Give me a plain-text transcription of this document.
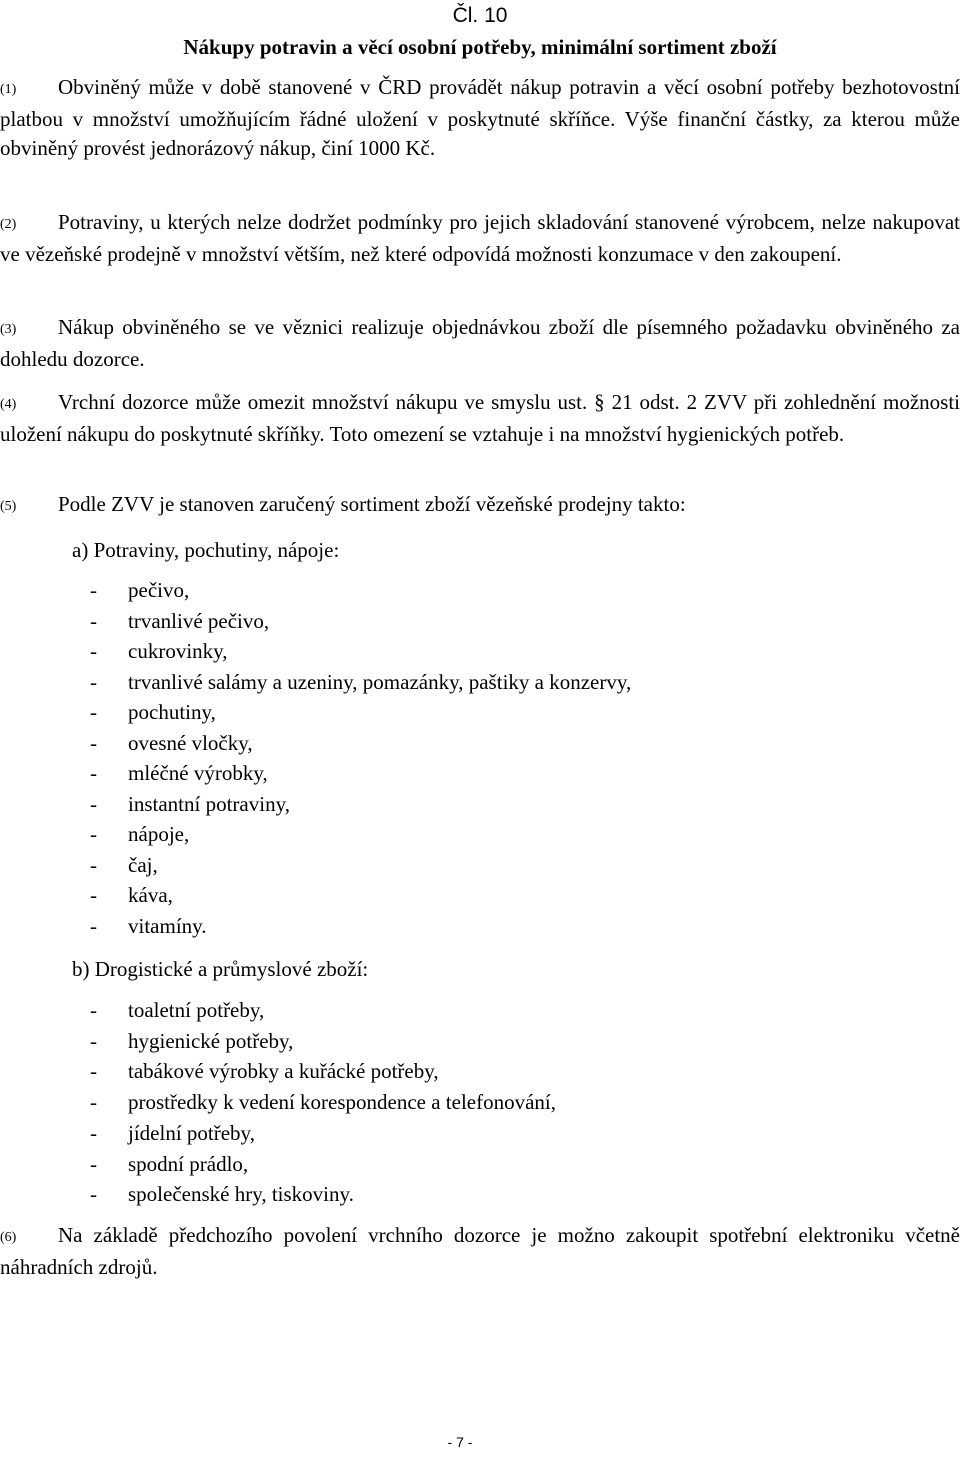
Čl. 10
Nákupy potravin a věcí osobní potřeby, minimální sortiment zboží
(1) Obviněný může v době stanovené v ČRD provádět nákup potravin a věcí osobní potřeby bezhotovostní platbou v množství umožňujícím řádné uložení v poskytnuté skříňce. Výše finanční částky, za kterou může obviněný provést jednorázový nákup, činí 1000 Kč.
(2) Potraviny, u kterých nelze dodržet podmínky pro jejich skladování stanovené výrobcem, nelze nakupovat ve vězeňské prodejně v množství větším, než které odpovídá možnosti konzumace v den zakoupení.
(3) Nákup obviněného se ve věznici realizuje objednávkou zboží dle písemného požadavku obviněného za dohledu dozorce.
(4) Vrchní dozorce může omezit množství nákupu ve smyslu ust. § 21 odst. 2 ZVV při zohlednění možnosti uložení nákupu do poskytnuté skříňky. Toto omezení se vztahuje i na množství hygienických potřeb.
(5) Podle ZVV je stanoven zaručený sortiment zboží vězeňské prodejny takto:
a) Potraviny, pochutiny, nápoje:
- pečivo,
- trvanlivé pečivo,
- cukrovinky,
- trvanlivé salámy a uzeniny, pomazánky, paštiky a konzervy,
- pochutiny,
- ovesné vločky,
- mléčné výrobky,
- instantní potraviny,
- nápoje,
- čaj,
- káva,
- vitamíny.
b) Drogistické a průmyslové zboží:
- toaletní potřeby,
- hygienické potřeby,
- tabákové výrobky a kuřácké potřeby,
- prostředky k vedení korespondence a telefonování,
- jídelní potřeby,
- spodní prádlo,
- společenské hry, tiskoviny.
(6) Na základě předchozího povolení vrchního dozorce je možno zakoupit spotřební elektroniku včetně náhradních zdrojů.
- 7 -
